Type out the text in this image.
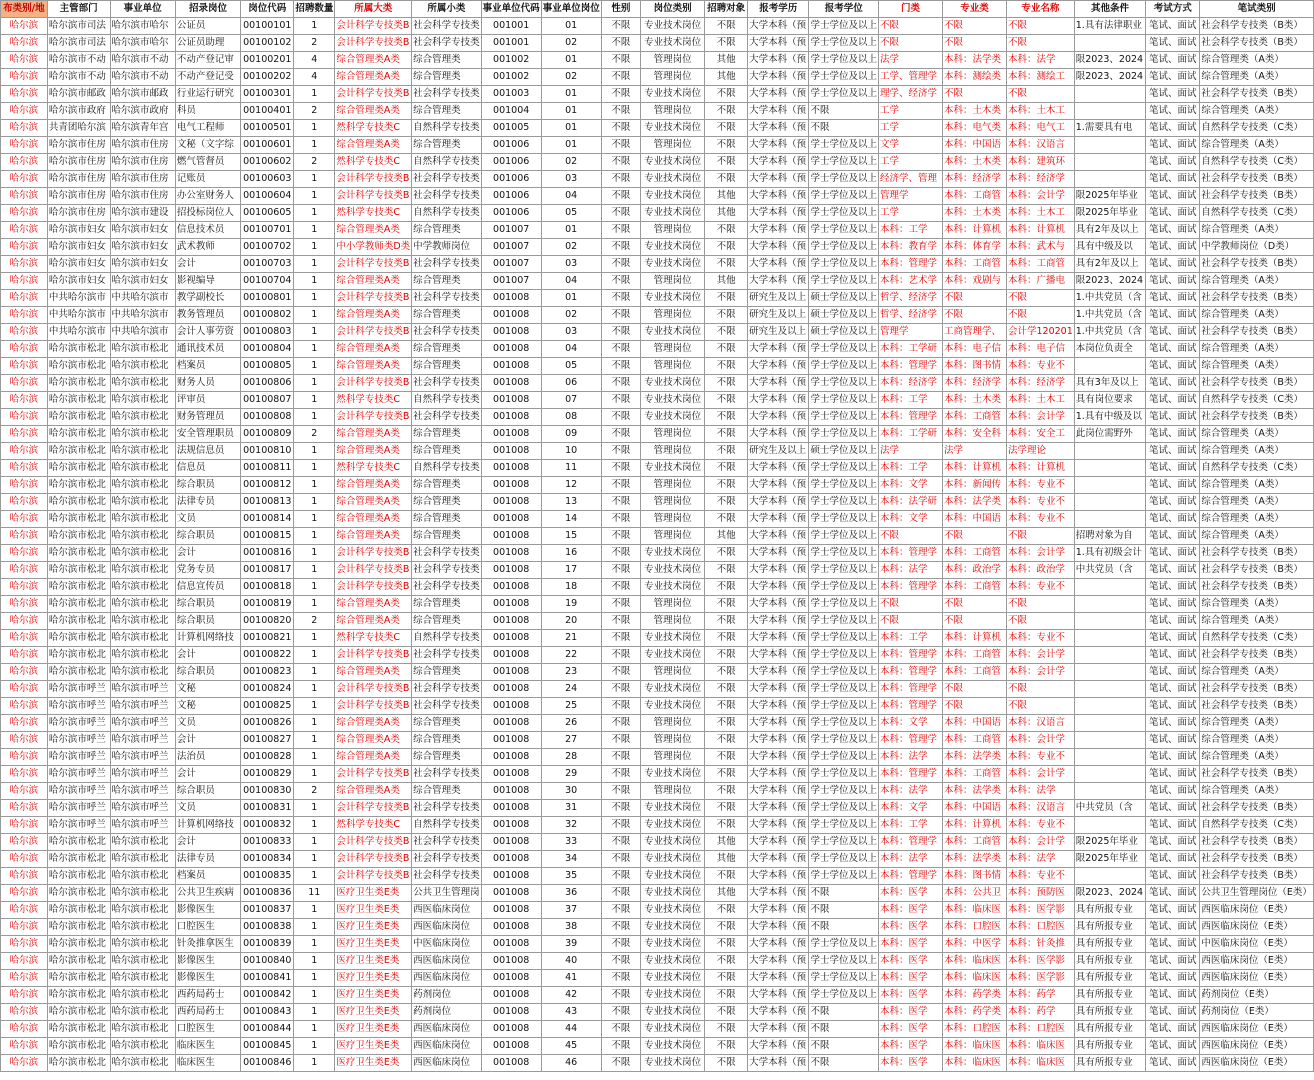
布类别/地	主管部门	事业单位	招录岗位	岗位代码	招聘数量	所属大类	所属小类	事业单位代码	事业单位岗位	性别	岗位类别	招聘对象	报考学历	报考学位	门类	专业类	专业名称	其他条件	考试方式	笔试类别
哈尔滨	哈尔滨市司法	哈尔滨市哈尔	公证员	00100101	1	会计科学专技类B	社会科学专技类	001001	01	不限	专业技术岗位	不限	大学本科（预	学士学位及以上	不限	不限	不限	1.具有法律职业	笔试、面试	社会科学专技类（B类）
哈尔滨	哈尔滨市司法	哈尔滨市哈尔	公证员助理	00100102	2	会计科学专技类B	社会科学专技类	001001	02	不限	专业技术岗位	不限	大学本科（预	学士学位及以上	不限	不限	不限		笔试、面试	社会科学专技类（B类）
哈尔滨	哈尔滨市不动	哈尔滨市不动	不动产登记审	00100201	4	综合管理类A类	综合管理类	001002	01	不限	管理岗位	其他	大学本科（预	学士学位及以上	法学	本科：法学类	本科：法学	限2023、2024	笔试、面试	综合管理类（A类）
哈尔滨	哈尔滨市不动	哈尔滨市不动	不动产登记受	00100202	4	综合管理类A类	综合管理类	001002	02	不限	管理岗位	其他	大学本科（预	学士学位及以上	工学、管理学	本科：测绘类	本科：测绘工	限2023、2024	笔试、面试	综合管理类（A类）
哈尔滨	哈尔滨市邮政	哈尔滨市邮政	行业运行研究	00100301	1	会计科学专技类B	社会科学专技类	001003	01	不限	专业技术岗位	不限	大学本科（预	学士学位及以上	理学、经济学	不限	不限		笔试、面试	社会科学专技类（B类）
哈尔滨	哈尔滨市政府	哈尔滨市政府	科员	00100401	2	综合管理类A类	综合管理类	001004	01	不限	管理岗位	不限	大学本科（预	不限	工学	本科：土木类	本科：土木工		笔试、面试	综合管理类（A类）
哈尔滨	共青团哈尔滨	哈尔滨青年宫	电气工程师	00100501	1	然科学专技类C	自然科学专技类	001005	01	不限	专业技术岗位	不限	大学本科（预	不限	工学	本科：电气类	本科：电气工	1.需要具有电	笔试、面试	自然科学专技类（C类）
哈尔滨	哈尔滨市住房	哈尔滨市住房	文秘（文字综	00100601	1	综合管理类A类	综合管理类	001006	01	不限	管理岗位	不限	大学本科（预	学士学位及以上	文学	本科：中国语	本科：汉语言		笔试、面试	综合管理类（A类）
哈尔滨	哈尔滨市住房	哈尔滨市住房	燃气管督员	00100602	2	然科学专技类C	自然科学专技类	001006	02	不限	专业技术岗位	不限	大学本科（预	学士学位及以上	工学	本科：土木类	本科：建筑环		笔试、面试	自然科学专技类（C类）
哈尔滨	哈尔滨市住房	哈尔滨市住房	记账员	00100603	1	会计科学专技类B	社会科学专技类	001006	03	不限	专业技术岗位	不限	大学本科（预	学士学位及以上	经济学、管理	本科：经济学	本科：经济学		笔试、面试	社会科学专技类（B类）
哈尔滨	哈尔滨市住房	哈尔滨市住房	办公室财务人	00100604	1	会计科学专技类B	社会科学专技类	001006	04	不限	专业技术岗位	其他	大学本科（预	学士学位及以上	管理学	本科：工商管	本科：会计学	限2025年毕业	笔试、面试	社会科学专技类（B类）
哈尔滨	哈尔滨市住房	哈尔滨市建设	招投标岗位人	00100605	1	然科学专技类C	自然科学专技类	001006	05	不限	专业技术岗位	其他	大学本科（预	学士学位及以上	工学	本科：土木类	本科：土木工	限2025年毕业	笔试、面试	自然科学专技类（C类）
哈尔滨	哈尔滨市妇女	哈尔滨市妇女	信息技术员	00100701	1	综合管理类A类	综合管理类	001007	01	不限	管理岗位	不限	大学本科（预	学士学位及以上	本科：工学	本科：计算机	本科：计算机	具有2年及以上	笔试、面试	综合管理类（A类）
哈尔滨	哈尔滨市妇女	哈尔滨市妇女	武术教师	00100702	1	中小学教师类D类	中学教师岗位	001007	02	不限	专业技术岗位	不限	大学本科（预	学士学位及以上	本科：教育学	本科：体育学	本科：武术与	具有中级及以	笔试、面试	中学教师岗位（D类）
哈尔滨	哈尔滨市妇女	哈尔滨市妇女	会计	00100703	1	会计科学专技类B	社会科学专技类	001007	03	不限	专业技术岗位	不限	大学本科（预	学士学位及以上	本科：管理学	本科：工商管	本科：工商管	具有2年及以上	笔试、面试	社会科学专技类（B类）
哈尔滨	哈尔滨市妇女	哈尔滨市妇女	影视编导	00100704	1	综合管理类A类	综合管理类	001007	04	不限	管理岗位	其他	大学本科（预	学士学位及以上	本科：艺术学	本科：戏剧与	本科：广播电	限2023、2024	笔试、面试	综合管理类（A类）
哈尔滨	中共哈尔滨市	中共哈尔滨市	教学副校长	00100801	1	会计科学专技类B	社会科学专技类	001008	01	不限	专业技术岗位	不限	研究生及以上	硕士学位及以上	哲学、经济学	不限	不限	1.中共党员（含	笔试、面试	社会科学专技类（B类）
哈尔滨	中共哈尔滨市	中共哈尔滨市	教务管理员	00100802	1	综合管理类A类	综合管理类	001008	02	不限	管理岗位	不限	研究生及以上	硕士学位及以上	哲学、经济学	不限	不限	1.中共党员（含	笔试、面试	综合管理类（A类）
哈尔滨	中共哈尔滨市	中共哈尔滨市	会计人事劳资	00100803	1	会计科学专技类B	社会科学专技类	001008	03	不限	专业技术岗位	不限	研究生及以上	硕士学位及以上	管理学	工商管理学、	会计学120201	1.中共党员（含	笔试、面试	社会科学专技类（B类）
哈尔滨	哈尔滨市松北	哈尔滨市松北	通讯技术员	00100804	1	综合管理类A类	综合管理类	001008	04	不限	管理岗位	不限	大学本科（预	学士学位及以上	本科：工学研	本科：电子信	本科：电子信	本岗位负责全	笔试、面试	综合管理类（A类）
哈尔滨	哈尔滨市松北	哈尔滨市松北	档案员	00100805	1	综合管理类A类	综合管理类	001008	05	不限	管理岗位	不限	大学本科（预	学士学位及以上	本科：管理学	本科：图书情	本科：专业不		笔试、面试	综合管理类（A类）
哈尔滨	哈尔滨市松北	哈尔滨市松北	财务人员	00100806	1	会计科学专技类B	社会科学专技类	001008	06	不限	专业技术岗位	不限	大学本科（预	学士学位及以上	本科：经济学	本科：经济学	本科：经济学	具有3年及以上	笔试、面试	社会科学专技类（B类）
哈尔滨	哈尔滨市松北	哈尔滨市松北	评审员	00100807	1	然科学专技类C	自然科学专技类	001008	07	不限	专业技术岗位	不限	大学本科（预	学士学位及以上	本科：工学	本科：土木类	本科：土木工	具有岗位要求	笔试、面试	自然科学专技类（C类）
哈尔滨	哈尔滨市松北	哈尔滨市松北	财务管理员	00100808	1	会计科学专技类B	社会科学专技类	001008	08	不限	专业技术岗位	不限	大学本科（预	学士学位及以上	本科：管理学	本科：工商管	本科：会计学	1.具有中级及以	笔试、面试	社会科学专技类（B类）
哈尔滨	哈尔滨市松北	哈尔滨市松北	安全管理职员	00100809	2	综合管理类A类	综合管理类	001008	09	不限	管理岗位	不限	大学本科（预	学士学位及以上	本科：工学研	本科：安全科	本科：安全工	此岗位需野外	笔试、面试	综合管理类（A类）
哈尔滨	哈尔滨市松北	哈尔滨市松北	法规信息员	00100810	1	综合管理类A类	综合管理类	001008	10	不限	管理岗位	不限	研究生及以上	硕士学位及以上	法学	法学	法学理论		笔试、面试	综合管理类（A类）
哈尔滨	哈尔滨市松北	哈尔滨市松北	信息员	00100811	1	然科学专技类C	自然科学专技类	001008	11	不限	专业技术岗位	不限	大学本科（预	学士学位及以上	本科：工学	本科：计算机	本科：计算机		笔试、面试	自然科学专技类（C类）
哈尔滨	哈尔滨市松北	哈尔滨市松北	综合职员	00100812	1	综合管理类A类	综合管理类	001008	12	不限	管理岗位	不限	大学本科（预	学士学位及以上	本科：文学	本科：新闻传	本科：专业不		笔试、面试	综合管理类（A类）
哈尔滨	哈尔滨市松北	哈尔滨市松北	法律专员	00100813	1	综合管理类A类	综合管理类	001008	13	不限	管理岗位	不限	大学本科（预	学士学位及以上	本科：法学研	本科：法学类	本科：专业不		笔试、面试	综合管理类（A类）
哈尔滨	哈尔滨市松北	哈尔滨市松北	文员	00100814	1	综合管理类A类	综合管理类	001008	14	不限	管理岗位	不限	大学本科（预	学士学位及以上	本科：文学	本科：中国语	本科：专业不		笔试、面试	综合管理类（A类）
哈尔滨	哈尔滨市松北	哈尔滨市松北	综合职员	00100815	1	综合管理类A类	综合管理类	001008	15	不限	管理岗位	其他	大学本科（预	学士学位及以上	不限	不限	不限	招聘对象为自	笔试、面试	综合管理类（A类）
哈尔滨	哈尔滨市松北	哈尔滨市松北	会计	00100816	1	会计科学专技类B	社会科学专技类	001008	16	不限	专业技术岗位	不限	大学本科（预	学士学位及以上	本科：管理学	本科：工商管	本科：会计学	1.具有初级会计	笔试、面试	社会科学专技类（B类）
哈尔滨	哈尔滨市松北	哈尔滨市松北	党务专员	00100817	1	会计科学专技类B	社会科学专技类	001008	17	不限	专业技术岗位	不限	大学本科（预	学士学位及以上	本科：法学	本科：政治学	本科：政治学	中共党员（含	笔试、面试	社会科学专技类（B类）
哈尔滨	哈尔滨市松北	哈尔滨市松北	信息宣传员	00100818	1	会计科学专技类B	社会科学专技类	001008	18	不限	专业技术岗位	不限	大学本科（预	学士学位及以上	本科：管理学	本科：工商管	本科：专业不		笔试、面试	社会科学专技类（B类）
哈尔滨	哈尔滨市松北	哈尔滨市松北	综合职员	00100819	1	综合管理类A类	综合管理类	001008	19	不限	管理岗位	不限	大学本科（预	学士学位及以上	不限	不限	不限		笔试、面试	综合管理类（A类）
哈尔滨	哈尔滨市松北	哈尔滨市松北	综合职员	00100820	2	综合管理类A类	综合管理类	001008	20	不限	管理岗位	不限	大学本科（预	学士学位及以上	不限	不限	不限		笔试、面试	综合管理类（A类）
哈尔滨	哈尔滨市松北	哈尔滨市松北	计算机网络技	00100821	1	然科学专技类C	自然科学专技类	001008	21	不限	专业技术岗位	不限	大学本科（预	学士学位及以上	本科：工学	本科：计算机	本科：专业不		笔试、面试	自然科学专技类（C类）
哈尔滨	哈尔滨市松北	哈尔滨市松北	会计	00100822	1	会计科学专技类B	社会科学专技类	001008	22	不限	专业技术岗位	不限	大学本科（预	学士学位及以上	本科：管理学	本科：工商管	本科：会计学		笔试、面试	社会科学专技类（B类）
哈尔滨	哈尔滨市松北	哈尔滨市松北	综合职员	00100823	1	综合管理类A类	综合管理类	001008	23	不限	管理岗位	不限	大学本科（预	学士学位及以上	本科：管理学	本科：工商管	本科：会计学		笔试、面试	综合管理类（A类）
哈尔滨	哈尔滨市呼兰	哈尔滨市呼兰	文秘	00100824	1	会计科学专技类B	社会科学专技类	001008	24	不限	专业技术岗位	不限	大学本科（预	学士学位及以上	本科：管理学	不限	不限		笔试、面试	社会科学专技类（B类）
哈尔滨	哈尔滨市呼兰	哈尔滨市呼兰	文秘	00100825	1	会计科学专技类B	社会科学专技类	001008	25	不限	专业技术岗位	不限	大学本科（预	学士学位及以上	本科：管理学	不限	不限		笔试、面试	社会科学专技类（B类）
哈尔滨	哈尔滨市呼兰	哈尔滨市呼兰	文员	00100826	1	综合管理类A类	综合管理类	001008	26	不限	管理岗位	不限	大学本科（预	学士学位及以上	本科：文学	本科：中国语	本科：汉语言		笔试、面试	综合管理类（A类）
哈尔滨	哈尔滨市呼兰	哈尔滨市呼兰	会计	00100827	1	综合管理类A类	综合管理类	001008	27	不限	管理岗位	不限	大学本科（预	学士学位及以上	本科：管理学	本科：工商管	本科：会计学		笔试、面试	综合管理类（A类）
哈尔滨	哈尔滨市呼兰	哈尔滨市呼兰	法治员	00100828	1	综合管理类A类	综合管理类	001008	28	不限	管理岗位	不限	大学本科（预	学士学位及以上	本科：法学	本科：法学类	本科：专业不		笔试、面试	综合管理类（A类）
哈尔滨	哈尔滨市呼兰	哈尔滨市呼兰	会计	00100829	1	会计科学专技类B	社会科学专技类	001008	29	不限	专业技术岗位	不限	大学本科（预	学士学位及以上	本科：管理学	本科：工商管	本科：会计学		笔试、面试	社会科学专技类（B类）
哈尔滨	哈尔滨市呼兰	哈尔滨市呼兰	综合职员	00100830	2	综合管理类A类	综合管理类	001008	30	不限	管理岗位	不限	大学本科（预	学士学位及以上	本科：法学	本科：法学类	本科：法学		笔试、面试	综合管理类（A类）
哈尔滨	哈尔滨市呼兰	哈尔滨市呼兰	文员	00100831	1	会计科学专技类B	社会科学专技类	001008	31	不限	专业技术岗位	不限	大学本科（预	学士学位及以上	本科：文学	本科：中国语	本科：汉语言	中共党员（含	笔试、面试	社会科学专技类（B类）
哈尔滨	哈尔滨市呼兰	哈尔滨市呼兰	计算机网络技	00100832	1	然科学专技类C	自然科学专技类	001008	32	不限	专业技术岗位	不限	大学本科（预	学士学位及以上	本科：工学	本科：计算机	本科：专业不		笔试、面试	自然科学专技类（C类）
哈尔滨	哈尔滨市松北	哈尔滨市松北	会计	00100833	1	会计科学专技类B	社会科学专技类	001008	33	不限	专业技术岗位	其他	大学本科（预	学士学位及以上	本科：管理学	本科：工商管	本科：会计学	限2025年毕业	笔试、面试	社会科学专技类（B类）
哈尔滨	哈尔滨市松北	哈尔滨市松北	法律专员	00100834	1	会计科学专技类B	社会科学专技类	001008	34	不限	专业技术岗位	其他	大学本科（预	学士学位及以上	本科：法学	本科：法学类	本科：法学	限2025年毕业	笔试、面试	社会科学专技类（B类）
哈尔滨	哈尔滨市松北	哈尔滨市松北	档案员	00100835	1	会计科学专技类B	社会科学专技类	001008	35	不限	专业技术岗位	不限	大学本科（预	学士学位及以上	本科：管理学	本科：图书情	本科：专业不		笔试、面试	社会科学专技类（B类）
哈尔滨	哈尔滨市松北	哈尔滨市松北	公共卫生疾病	00100836	11	医疗卫生类E类	公共卫生管理岗	001008	36	不限	专业技术岗位	其他	大学本科（预	不限	本科：医学	本科：公共卫	本科：预防医	限2023、2024	笔试、面试	公共卫生管理岗位（E类）
哈尔滨	哈尔滨市松北	哈尔滨市松北	影像医生	00100837	1	医疗卫生类E类	西医临床岗位	001008	37	不限	专业技术岗位	不限	大学本科（预	不限	本科：医学	本科：临床医	本科：医学影	具有所报专业	笔试、面试	西医临床岗位（E类）
哈尔滨	哈尔滨市松北	哈尔滨市松北	口腔医生	00100838	1	医疗卫生类E类	西医临床岗位	001008	38	不限	专业技术岗位	不限	大学本科（预	不限	本科：医学	本科：口腔医	本科：口腔医	具有所报专业	笔试、面试	西医临床岗位（E类）
哈尔滨	哈尔滨市松北	哈尔滨市松北	针灸推拿医生	00100839	1	医疗卫生类E类	中医临床岗位	001008	39	不限	专业技术岗位	不限	大学本科（预	学士学位及以上	本科：医学	本科：中医学	本科：针灸推	具有所报专业	笔试、面试	中医临床岗位（E类）
哈尔滨	哈尔滨市松北	哈尔滨市松北	影像医生	00100840	1	医疗卫生类E类	西医临床岗位	001008	40	不限	专业技术岗位	不限	大学本科（预	学士学位及以上	本科：医学	本科：临床医	本科：医学影	具有所报专业	笔试、面试	西医临床岗位（E类）
哈尔滨	哈尔滨市松北	哈尔滨市松北	影像医生	00100841	1	医疗卫生类E类	西医临床岗位	001008	41	不限	专业技术岗位	不限	大学本科（预	学士学位及以上	本科：医学	本科：临床医	本科：医学影	具有所报专业	笔试、面试	西医临床岗位（E类）
哈尔滨	哈尔滨市松北	哈尔滨市松北	西药局药士	00100842	1	医疗卫生类E类	药剂岗位	001008	42	不限	专业技术岗位	不限	大学本科（预	学士学位及以上	本科：医学	本科：药学类	本科：药学	具有所报专业	笔试、面试	药剂岗位（E类）
哈尔滨	哈尔滨市松北	哈尔滨市松北	西药局药士	00100843	1	医疗卫生类E类	药剂岗位	001008	43	不限	专业技术岗位	不限	大学本科（预	不限	本科：医学	本科：药学类	本科：药学	具有所报专业	笔试、面试	药剂岗位（E类）
哈尔滨	哈尔滨市松北	哈尔滨市松北	口腔医生	00100844	1	医疗卫生类E类	西医临床岗位	001008	44	不限	专业技术岗位	不限	大学本科（预	不限	本科：医学	本科：口腔医	本科：口腔医	具有所报专业	笔试、面试	西医临床岗位（E类）
哈尔滨	哈尔滨市松北	哈尔滨市松北	临床医生	00100845	1	医疗卫生类E类	西医临床岗位	001008	45	不限	专业技术岗位	不限	大学本科（预	不限	本科：医学	本科：临床医	本科：临床医	具有所报专业	笔试、面试	西医临床岗位（E类）
哈尔滨	哈尔滨市松北	哈尔滨市松北	临床医生	00100846	1	医疗卫生类E类	西医临床岗位	001008	46	不限	专业技术岗位	不限	大学本科（预	不限	本科：医学	本科：临床医	本科：临床医	具有所报专业	笔试、面试	西医临床岗位（E类）
